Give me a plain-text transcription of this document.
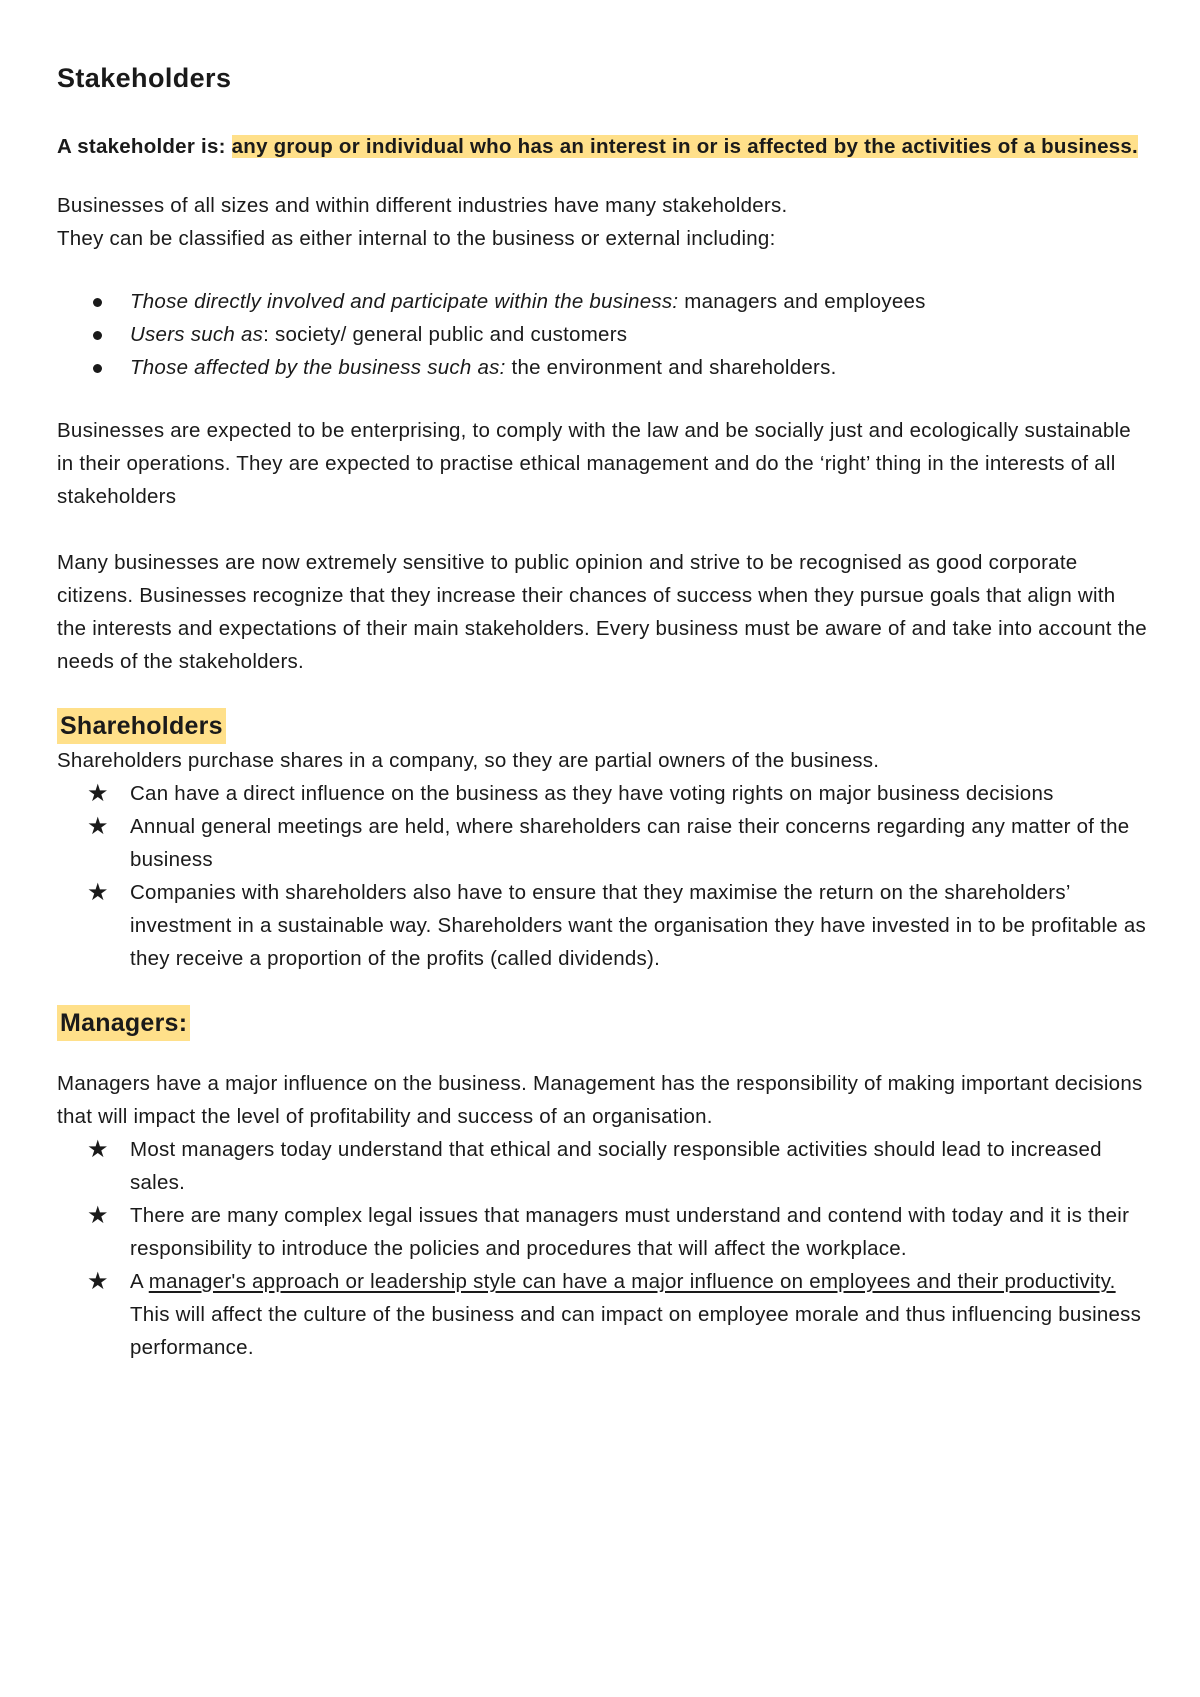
Stakeholders

A stakeholder is: any group or individual who has an interest in or is affected by the activities of a business.

Businesses of all sizes and within different industries have many stakeholders.

They can be classified as either internal to the business or external including:

Those directly involved and participate within the business: managers and employees
Users such as: society/ general public and customers
Those affected by the business such as: the environment and shareholders.

Businesses are expected to be enterprising, to comply with the law and be socially just and ecologically sustainable in their operations. They are expected to practise ethical management and do the ‘right’ thing in the interests of all stakeholders

Many businesses are now extremely sensitive to public opinion and strive to be recognised as good corporate citizens. Businesses recognize that they increase their chances of success when they pursue goals that align with the interests and expectations of their main stakeholders. Every business must be aware of and take into account the needs of the stakeholders.

Shareholders

Shareholders purchase shares in a company, so they are partial owners of the business.

★ Can have a direct influence on the business as they have voting rights on major business decisions
★ Annual general meetings are held, where shareholders can raise their concerns regarding any matter of the business
★ Companies with shareholders also have to ensure that they maximise the return on the shareholders’ investment in a sustainable way. Shareholders want the organisation they have invested in to be profitable as they receive a proportion of the profits (called dividends).
Managers:

Managers have a major influence on the business. Management has the responsibility of making important decisions that will impact the level of profitability and success of an organisation.

★ Most managers today understand that ethical and socially responsible activities should lead to increased sales.
★ There are many complex legal issues that managers must understand and contend with today and it is their responsibility to introduce the policies and procedures that will affect the workplace.
★ A manager's approach or leadership style can have a major influence on employees and their productivity. This will affect the culture of the business and can impact on employee morale and thus influencing business performance.
